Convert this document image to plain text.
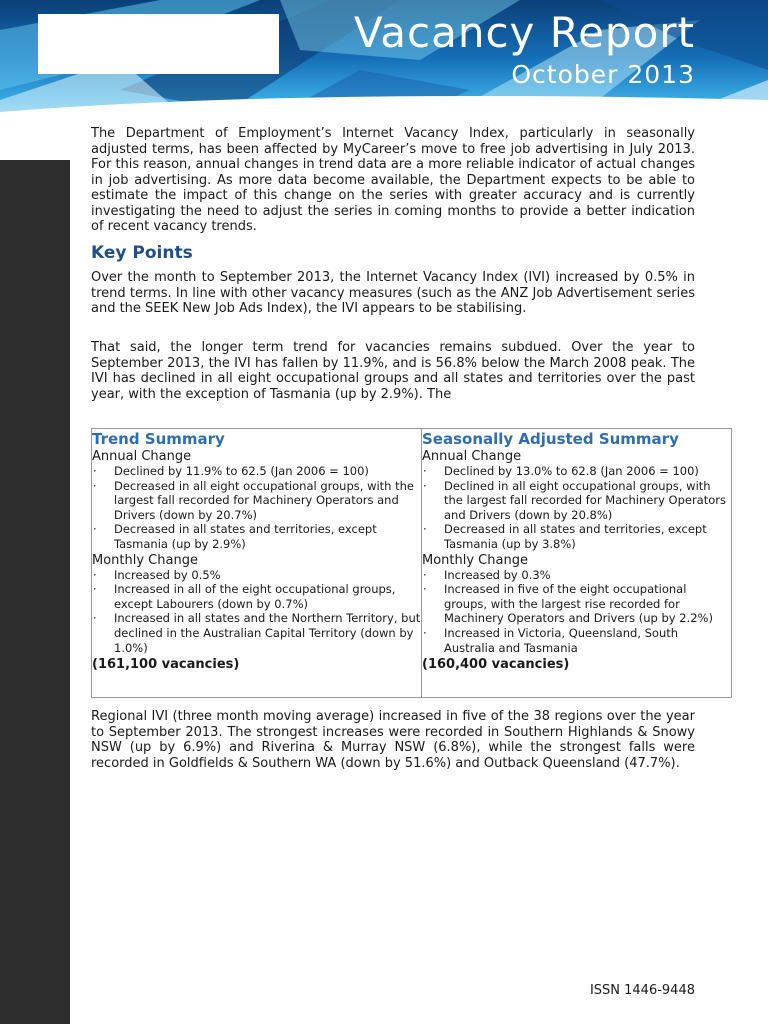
Vacancy Report
October 2013

The Department of Employment’s Internet Vacancy Index, particularly in seasonally adjusted terms, has been affected by MyCareer’s move to free job advertising in July 2013. For this reason, annual changes in trend data are a more reliable indicator of actual changes in job advertising. As more data become available, the Department expects to be able to estimate the impact of this change on the series with greater accuracy and is currently investigating the need to adjust the series in coming months to provide a better indication of recent vacancy trends.

Key Points

Over the month to September 2013, the Internet Vacancy Index (IVI) increased by 0.5% in trend terms. In line with other vacancy measures (such as the ANZ Job Advertisement series and the SEEK New Job Ads Index), the IVI appears to be stabilising.

That said, the longer term trend for vacancies remains subdued. Over the year to September 2013, the IVI has fallen by 11.9%, and is 56.8% below the March 2008 peak. The IVI has declined in all eight occupational groups and all states and territories over the past year, with the exception of Tasmania (up by 2.9%). The

Trend Summary
Annual Change
· Declined by 11.9% to 62.5 (Jan 2006 = 100)
· Decreased in all eight occupational groups, with the largest fall recorded for Machinery Operators and Drivers (down by 20.7%)
· Decreased in all states and territories, except Tasmania (up by 2.9%)
Monthly Change
· Increased by 0.5%
· Increased in all of the eight occupational groups, except Labourers (down by 0.7%)
· Increased in all states and the Northern Territory, but declined in the Australian Capital Territory (down by 1.0%)
(161,100 vacancies)
Seasonally Adjusted Summary
Annual Change
· Declined by 13.0% to 62.8 (Jan 2006 = 100)
· Declined in all eight occupational groups, with the largest fall recorded for Machinery Operators and Drivers (down by 20.8%)
· Decreased in all states and territories, except Tasmania (up by 3.8%)
Monthly Change
· Increased by 0.3%
· Increased in five of the eight occupational groups, with the largest rise recorded for Machinery Operators and Drivers (up by 2.2%)
· Increased in Victoria, Queensland, South Australia and Tasmania
(160,400 vacancies)

Regional IVI (three month moving average) increased in five of the 38 regions over the year to September 2013. The strongest increases were recorded in Southern Highlands & Snowy NSW (up by 6.9%) and Riverina & Murray NSW (6.8%), while the strongest falls were recorded in Goldfields & Southern WA (down by 51.6%) and Outback Queensland (47.7%).

ISSN 1446-9448
